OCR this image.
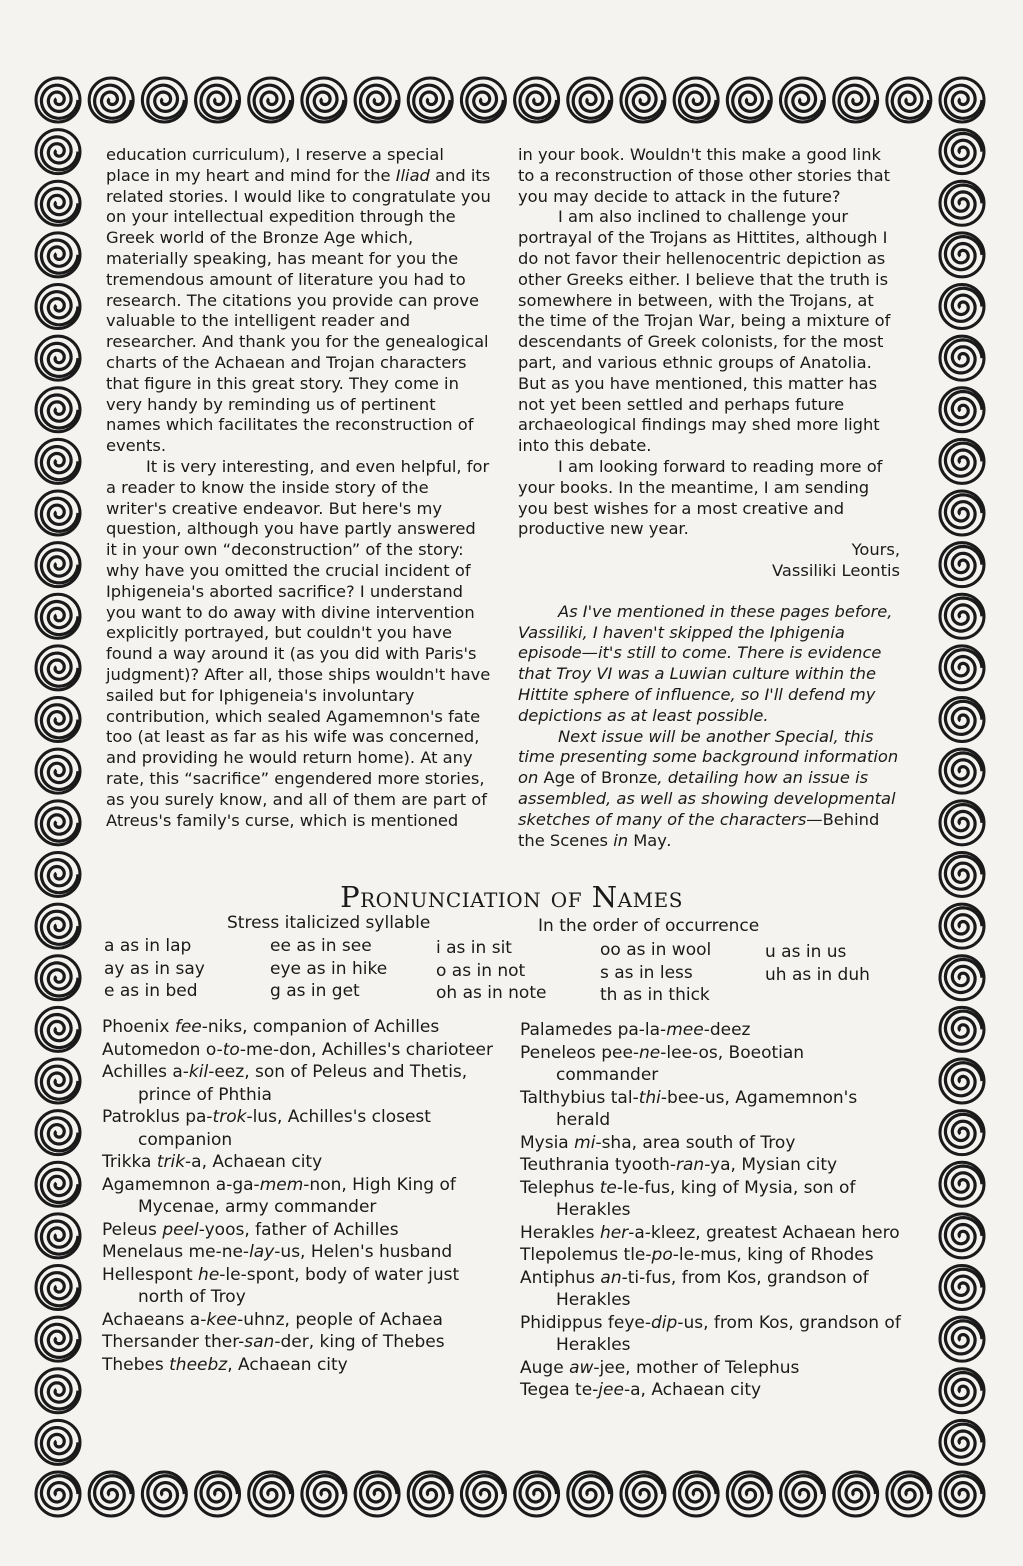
education curriculum), I reserve a special place in my heart and mind for the Iliad and its related stories. I would like to congratulate you on your intellectual expedition through the Greek world of the Bronze Age which, materially speaking, has meant for you the tremendous amount of literature you had to research. The citations you provide can prove valuable to the intelligent reader and researcher. And thank you for the genealogical charts of the Achaean and Trojan characters that figure in this great story. They come in very handy by reminding us of pertinent names which facilitates the reconstruction of events.

It is very interesting, and even helpful, for a reader to know the inside story of the writer's creative endeavor. But here's my question, although you have partly answered it in your own “deconstruction” of the story: why have you omitted the crucial incident of Iphigeneia's aborted sacrifice? I understand you want to do away with divine intervention explicitly portrayed, but couldn't you have found a way around it (as you did with Paris's judgment)? After all, those ships wouldn't have sailed but for Iphigeneia's involuntary contribution, which sealed Agamemnon's fate too (at least as far as his wife was concerned, and providing he would return home). At any rate, this “sacrifice” engendered more stories, as you surely know, and all of them are part of Atreus's family's curse, which is mentioned

in your book. Wouldn't this make a good link to a reconstruction of those other stories that you may decide to attack in the future?

I am also inclined to challenge your portrayal of the Trojans as Hittites, although I do not favor their hellenocentric depiction as other Greeks either. I believe that the truth is somewhere in between, with the Trojans, at the time of the Trojan War, being a mixture of descendants of Greek colonists, for the most part, and various ethnic groups of Anatolia. But as you have mentioned, this matter has not yet been settled and perhaps future archaeological findings may shed more light into this debate.

I am looking forward to reading more of your books. In the meantime, I am sending you best wishes for a most creative and productive new year.

Yours,

Vassiliki Leontis

As I've mentioned in these pages before, Vassiliki, I haven't skipped the Iphigenia episode—it's still to come. There is evidence that Troy VI was a Luwian culture within the Hittite sphere of influence, so I'll defend my depictions as at least possible.

Next issue will be another Special, this time presenting some background information on Age of Bronze, detailing how an issue is assembled, as well as showing developmental sketches of many of the characters—Behind the Scenes in May.

Pronunciation of Names
Stress italicized syllable	In the order of occurrence
a as in lap
ay as in say
e as in bed
ee as in see
eye as in hike
g as in get
i as in sit
o as in not
oh as in note
oo as in wool
s as in less
th as in thick
u as in us
uh as in duh
Phoenix fee-niks, companion of Achilles
Automedon o-to-me-don, Achilles's charioteer
Achilles a-kil-eez, son of Peleus and Thetis, prince of Phthia
Patroklus pa-trok-lus, Achilles's closest companion
Trikka trik-a, Achaean city
Agamemnon a-ga-mem-non, High King of Mycenae, army commander
Peleus peel-yoos, father of Achilles
Menelaus me-ne-lay-us, Helen's husband
Hellespont he-le-spont, body of water just north of Troy
Achaeans a-kee-uhnz, people of Achaea
Thersander ther-san-der, king of Thebes
Thebes theebz, Achaean city
Palamedes pa-la-mee-deez
Peneleos pee-ne-lee-os, Boeotian commander
Talthybius tal-thi-bee-us, Agamemnon's herald
Mysia mi-sha, area south of Troy
Teuthrania tyooth-ran-ya, Mysian city
Telephus te-le-fus, king of Mysia, son of Herakles
Herakles her-a-kleez, greatest Achaean hero
Tlepolemus tle-po-le-mus, king of Rhodes
Antiphus an-ti-fus, from Kos, grandson of Herakles
Phidippus feye-dip-us, from Kos, grandson of Herakles
Auge aw-jee, mother of Telephus
Tegea te-jee-a, Achaean city
